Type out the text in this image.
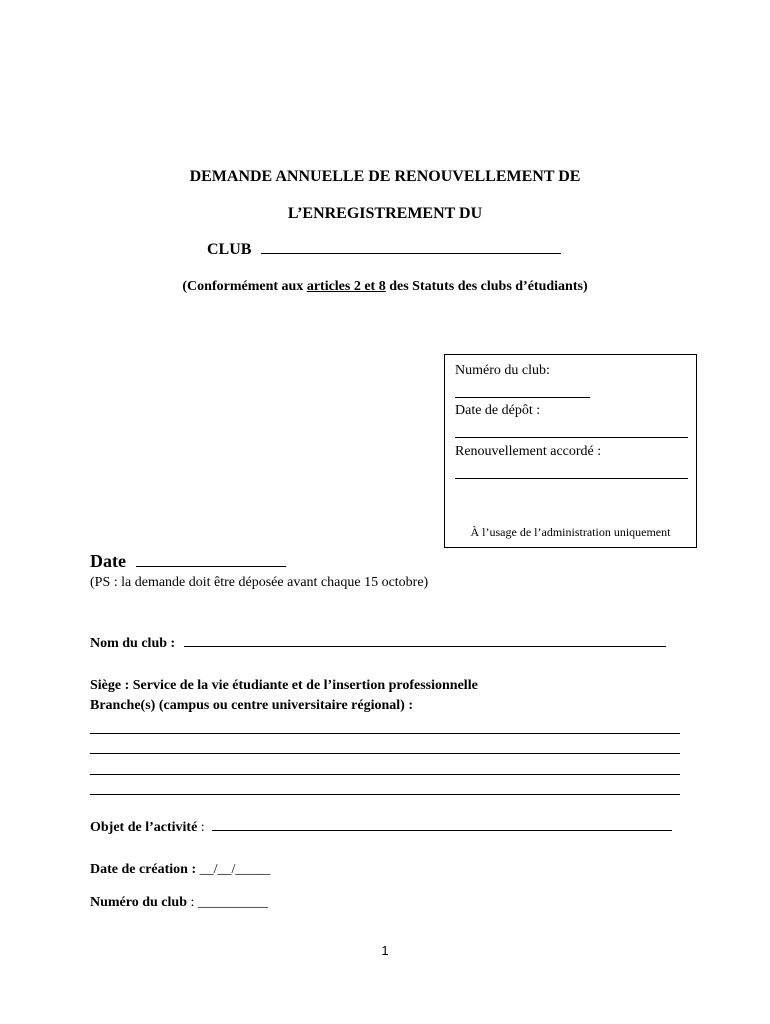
DEMANDE ANNUELLE DE RENOUVELLEMENT DE
L’ENREGISTREMENT DU
CLUB
(Conformément aux articles 2 et 8 des Statuts des clubs d’étudiants)
Numéro du club:
Date de dépôt :
Renouvellement accordé :
À l’usage de l’administration uniquement
Date
(PS : la demande doit être déposée avant chaque 15 octobre)
Nom du club :
Siège : Service de la vie étudiante et de l’insertion professionnelle
Branche(s) (campus ou centre universitaire régional) :
Objet de l’activité :
Date de création : __/__/_____
Numéro du club : __________
1
